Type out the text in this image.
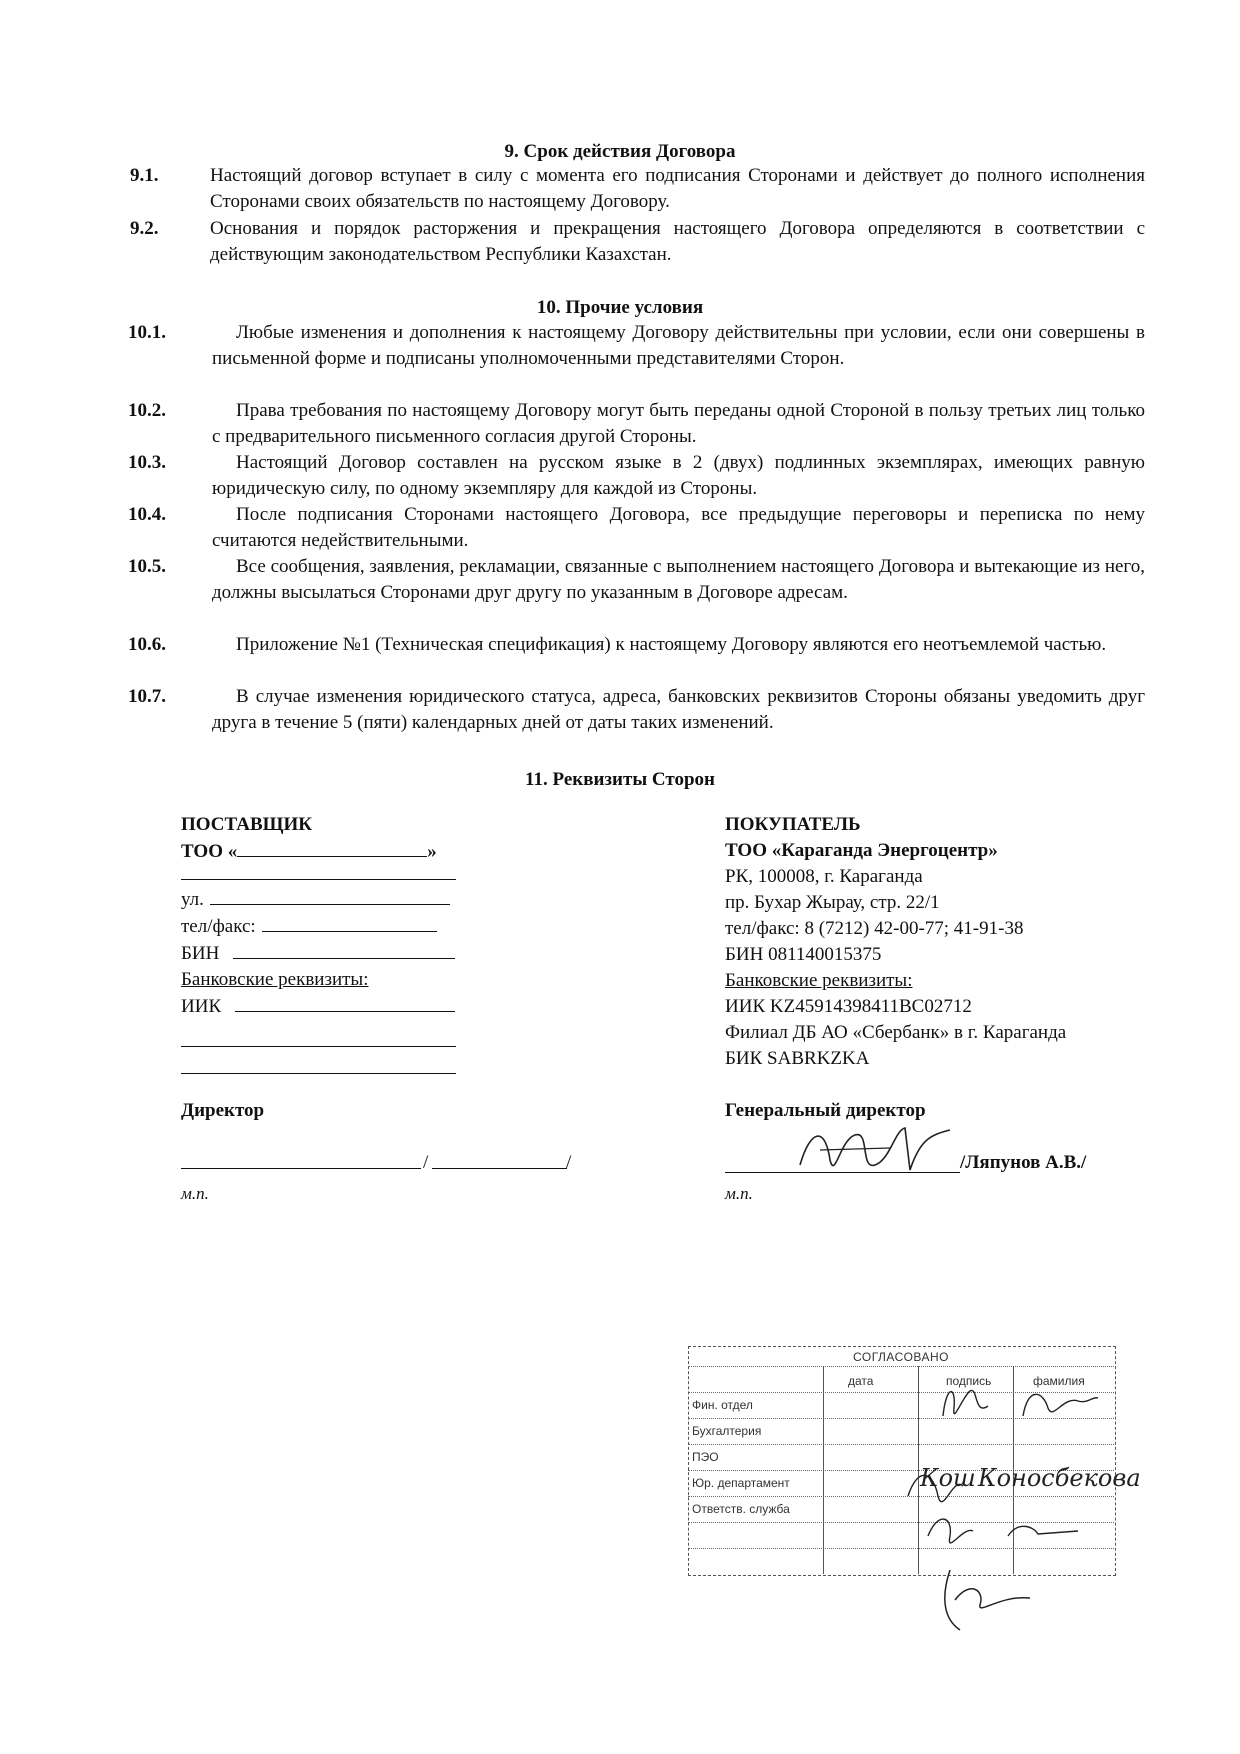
9. Срок действия Договора
9.1.	Настоящий договор вступает в силу с момента его подписания Сторонами и действует до полного исполнения Сторонами своих обязательств по настоящему Договору.
9.2.	Основания и порядок расторжения и прекращения настоящего Договора определяются в соответствии с действующим законодательством Республики Казахстан.
10. Прочие условия
10.1.	Любые изменения и дополнения к настоящему Договору действительны при условии, если они совершены в письменной форме и подписаны уполномоченными представителями Сторон.
10.2.	Права требования по настоящему Договору могут быть переданы одной Стороной в пользу третьих лиц только с предварительного письменного согласия другой Стороны.
10.3.	Настоящий Договор составлен на русском языке в 2 (двух) подлинных экземплярах, имеющих равную юридическую силу, по одному экземпляру для каждой из Стороны.
10.4.	После подписания Сторонами настоящего Договора, все предыдущие переговоры и переписка по нему считаются недействительными.
10.5.	Все сообщения, заявления, рекламации, связанные с выполнением настоящего Договора и вытекающие из него, должны высылаться Сторонами друг другу по указанным в Договоре адресам.
10.6.	Приложение №1 (Техническая спецификация) к настоящему Договору являются его неотъемлемой частью.
10.7.	В случае изменения юридического статуса, адреса, банковских реквизитов Стороны обязаны уведомить друг друга в течение 5 (пяти) календарных дней от даты таких изменений.
11. Реквизиты Сторон
ПОСТАВЩИК
ТОО «	»
ул.
тел/факс:
БИН
Банковские реквизиты:
ИИК
ПОКУПАТЕЛЬ
ТОО «Караганда Энергоцентр»
РК, 100008, г. Караганда
пр. Бухар Жырау, стр. 22/1
тел/факс: 8 (7212) 42-00-77; 41-91-38
БИН 081140015375
Банковские реквизиты:
ИИК KZ45914398411BC02712
Филиал ДБ АО «Сбербанк» в г. Караганда
БИК SABRKZKA
Директор	Генеральный директор
/	/
м.п.
/Ляпунов А.В./
м.п.
СОГЛАСОВАНО
дата	подпись	фамилия
Фин. отдел
Бухгалтерия
ПЭО
Юр. департамент
Ответств. служба
Кош Коносбекова
